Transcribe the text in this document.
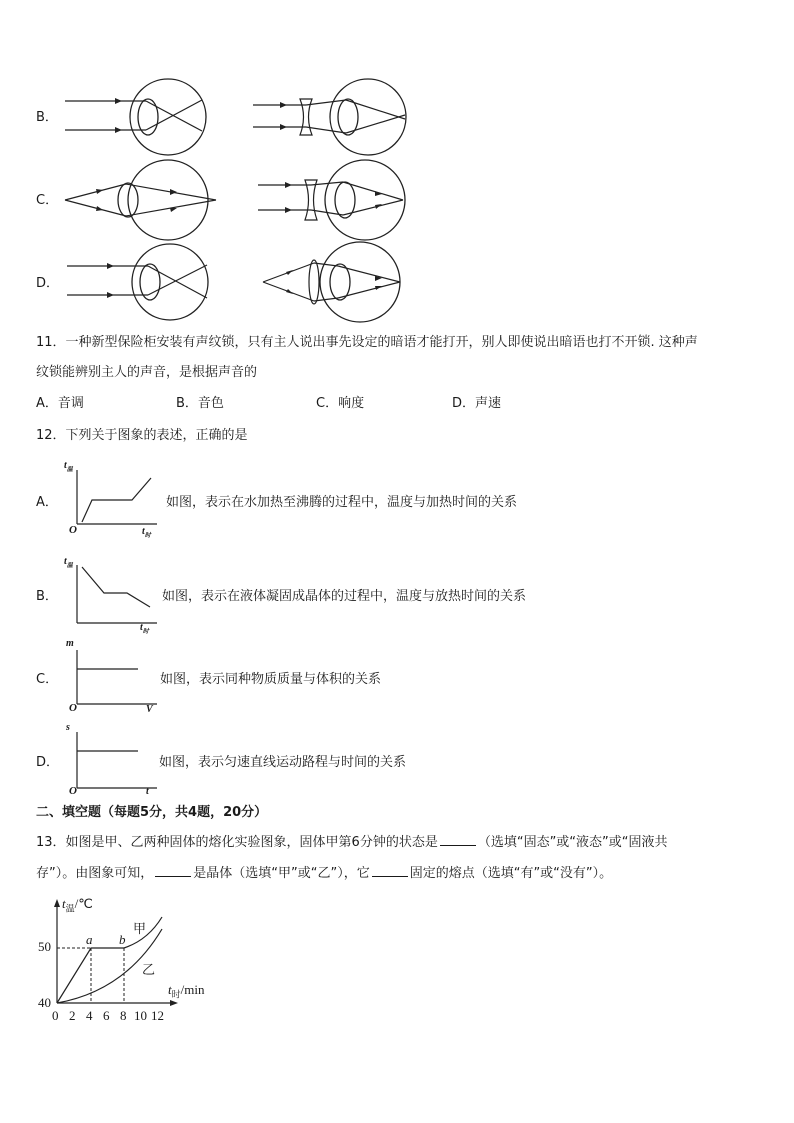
B．
C．
D．
11．一种新型保险柜安装有声纹锁，只有主人说出事先设定的暗语才能打开，别人即使说出暗语也打不开锁. 这种声
纹锁能辨别主人的声音，是根据声音的
A．音调	B．音色	C．响度	D．声速
12．下列关于图象的表述，正确的是
A．
$t_温$
$t_时$
O
如图，表示在水加热至沸腾的过程中，温度与加热时间的关系
B．
$t_温$
$t_时$
如图，表示在液体凝固成晶体的过程中，温度与放热时间的关系
C．
m
V
O
如图，表示同种物质质量与体积的关系
D．
s
t
O
如图，表示匀速直线运动路程与时间的关系
二、填空题（每题5分，共4题，20分）
13．如图是甲、乙两种固体的熔化实验图象，固体甲第6分钟的状态是	（选填“固态”或“液态”或“固液共
存”）。由图象可知，	是晶体（选填“甲”或“乙”），它	固定的熔点（选填“有”或“没有”）。
$t_温/℃$
$t_时/\min$
50
40
0 2 4 6 8 10 12
a b
甲
乙
